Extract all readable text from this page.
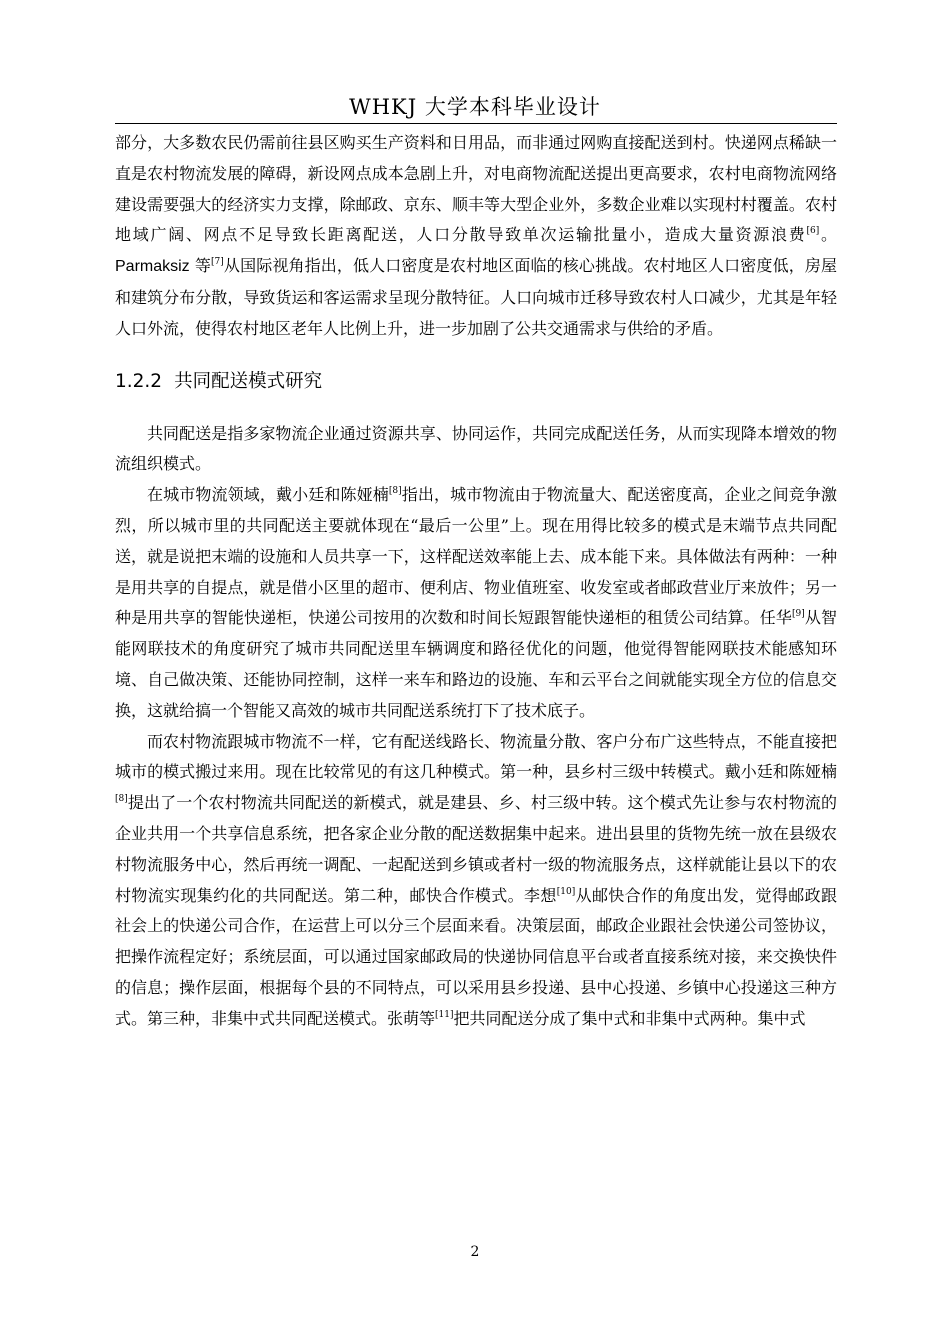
WHKJ 大学本科毕业设计

部分，大多数农民仍需前往县区购买生产资料和日用品，而非通过网购直接配送到村。快递网点稀缺一直是农村物流发展的障碍，新设网点成本急剧上升，对电商物流配送提出更高要求，农村电商物流网络建设需要强大的经济实力支撑，除邮政、京东、顺丰等大型企业外，多数企业难以实现村村覆盖。农村地域广阔、网点不足导致长距离配送，人口分散导致单次运输批量小，造成大量资源浪费[6]。Parmaksiz 等[7]从国际视角指出，低人口密度是农村地区面临的核心挑战。农村地区人口密度低，房屋和建筑分布分散，导致货运和客运需求呈现分散特征。人口向城市迁移导致农村人口减少，尤其是年轻人口外流，使得农村地区老年人比例上升，进一步加剧了公共交通需求与供给的矛盾。

1.2.2 共同配送模式研究

共同配送是指多家物流企业通过资源共享、协同运作，共同完成配送任务，从而实现降本增效的物流组织模式。

在城市物流领域，戴小廷和陈娅楠[8]指出，城市物流由于物流量大、配送密度高，企业之间竞争激烈，所以城市里的共同配送主要就体现在“最后一公里”上。现在用得比较多的模式是末端节点共同配送，就是说把末端的设施和人员共享一下，这样配送效率能上去、成本能下来。具体做法有两种：一种是用共享的自提点，就是借小区里的超市、便利店、物业值班室、收发室或者邮政营业厅来放件；另一种是用共享的智能快递柜，快递公司按用的次数和时间长短跟智能快递柜的租赁公司结算。任华[9]从智能网联技术的角度研究了城市共同配送里车辆调度和路径优化的问题，他觉得智能网联技术能感知环境、自己做决策、还能协同控制，这样一来车和路边的设施、车和云平台之间就能实现全方位的信息交换，这就给搞一个智能又高效的城市共同配送系统打下了技术底子。

而农村物流跟城市物流不一样，它有配送线路长、物流量分散、客户分布广这些特点，不能直接把城市的模式搬过来用。现在比较常见的有这几种模式。第一种，县乡村三级中转模式。戴小廷和陈娅楠[8]提出了一个农村物流共同配送的新模式，就是建县、乡、村三级中转。这个模式先让参与农村物流的企业共用一个共享信息系统，把各家企业分散的配送数据集中起来。进出县里的货物先统一放在县级农村物流服务中心，然后再统一调配、一起配送到乡镇或者村一级的物流服务点，这样就能让县以下的农村物流实现集约化的共同配送。第二种，邮快合作模式。李想[10]从邮快合作的角度出发，觉得邮政跟社会上的快递公司合作，在运营上可以分三个层面来看。决策层面，邮政企业跟社会快递公司签协议，把操作流程定好；系统层面，可以通过国家邮政局的快递协同信息平台或者直接系统对接，来交换快件的信息；操作层面，根据每个县的不同特点，可以采用县乡投递、县中心投递、乡镇中心投递这三种方式。第三种，非集中式共同配送模式。张萌等[11]把共同配送分成了集中式和非集中式两种。集中式

2
